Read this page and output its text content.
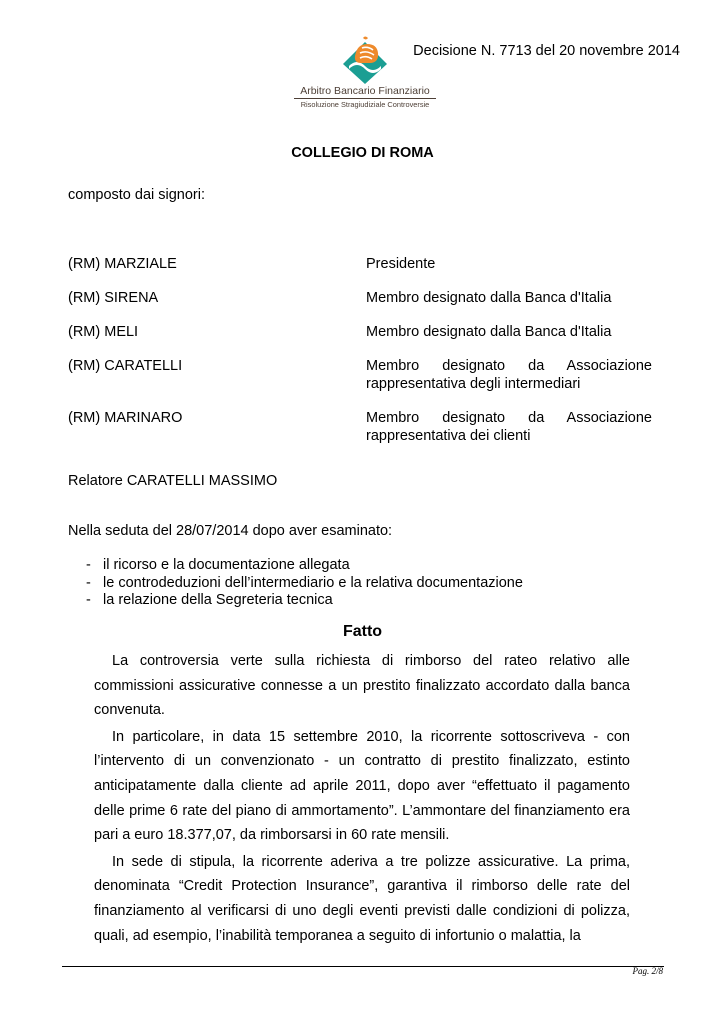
Arbitro Bancario Finanziario
Risoluzione Stragiudiziale Controversie
Decisione N. 7713 del 20 novembre 2014
COLLEGIO DI ROMA
composto dai signori:
(RM) MARZIALE	Presidente
(RM) SIRENA	Membro designato dalla Banca d'Italia
(RM) MELI	Membro designato dalla Banca d'Italia
(RM) CARATELLI	Membro designato da Associazione rappresentativa degli intermediari
(RM) MARINARO	Membro designato da Associazione rappresentativa dei clienti
Relatore CARATELLI MASSIMO
Nella seduta del 28/07/2014 dopo aver esaminato:
- il ricorso e la documentazione allegata
- le controdeduzioni dell’intermediario e la relativa documentazione
- la relazione della Segreteria tecnica
Fatto

La controversia verte sulla richiesta di rimborso del rateo relativo alle commissioni assicurative connesse a un prestito finalizzato accordato dalla banca convenuta.

In particolare, in data 15 settembre 2010, la ricorrente sottoscriveva - con l’intervento di un convenzionato - un contratto di prestito finalizzato, estinto anticipatamente dalla cliente ad aprile 2011, dopo aver “effettuato il pagamento delle prime 6 rate del piano di ammortamento”. L’ammontare del finanziamento era pari a euro 18.377,07, da rimborsarsi in 60 rate mensili.

In sede di stipula, la ricorrente aderiva a tre polizze assicurative. La prima, denominata “Credit Protection Insurance”, garantiva il rimborso delle rate del finanziamento al verificarsi di uno degli eventi previsti dalle condizioni di polizza, quali, ad esempio, l’inabilità temporanea a seguito di infortunio o malattia, la

Pag. 2/8
